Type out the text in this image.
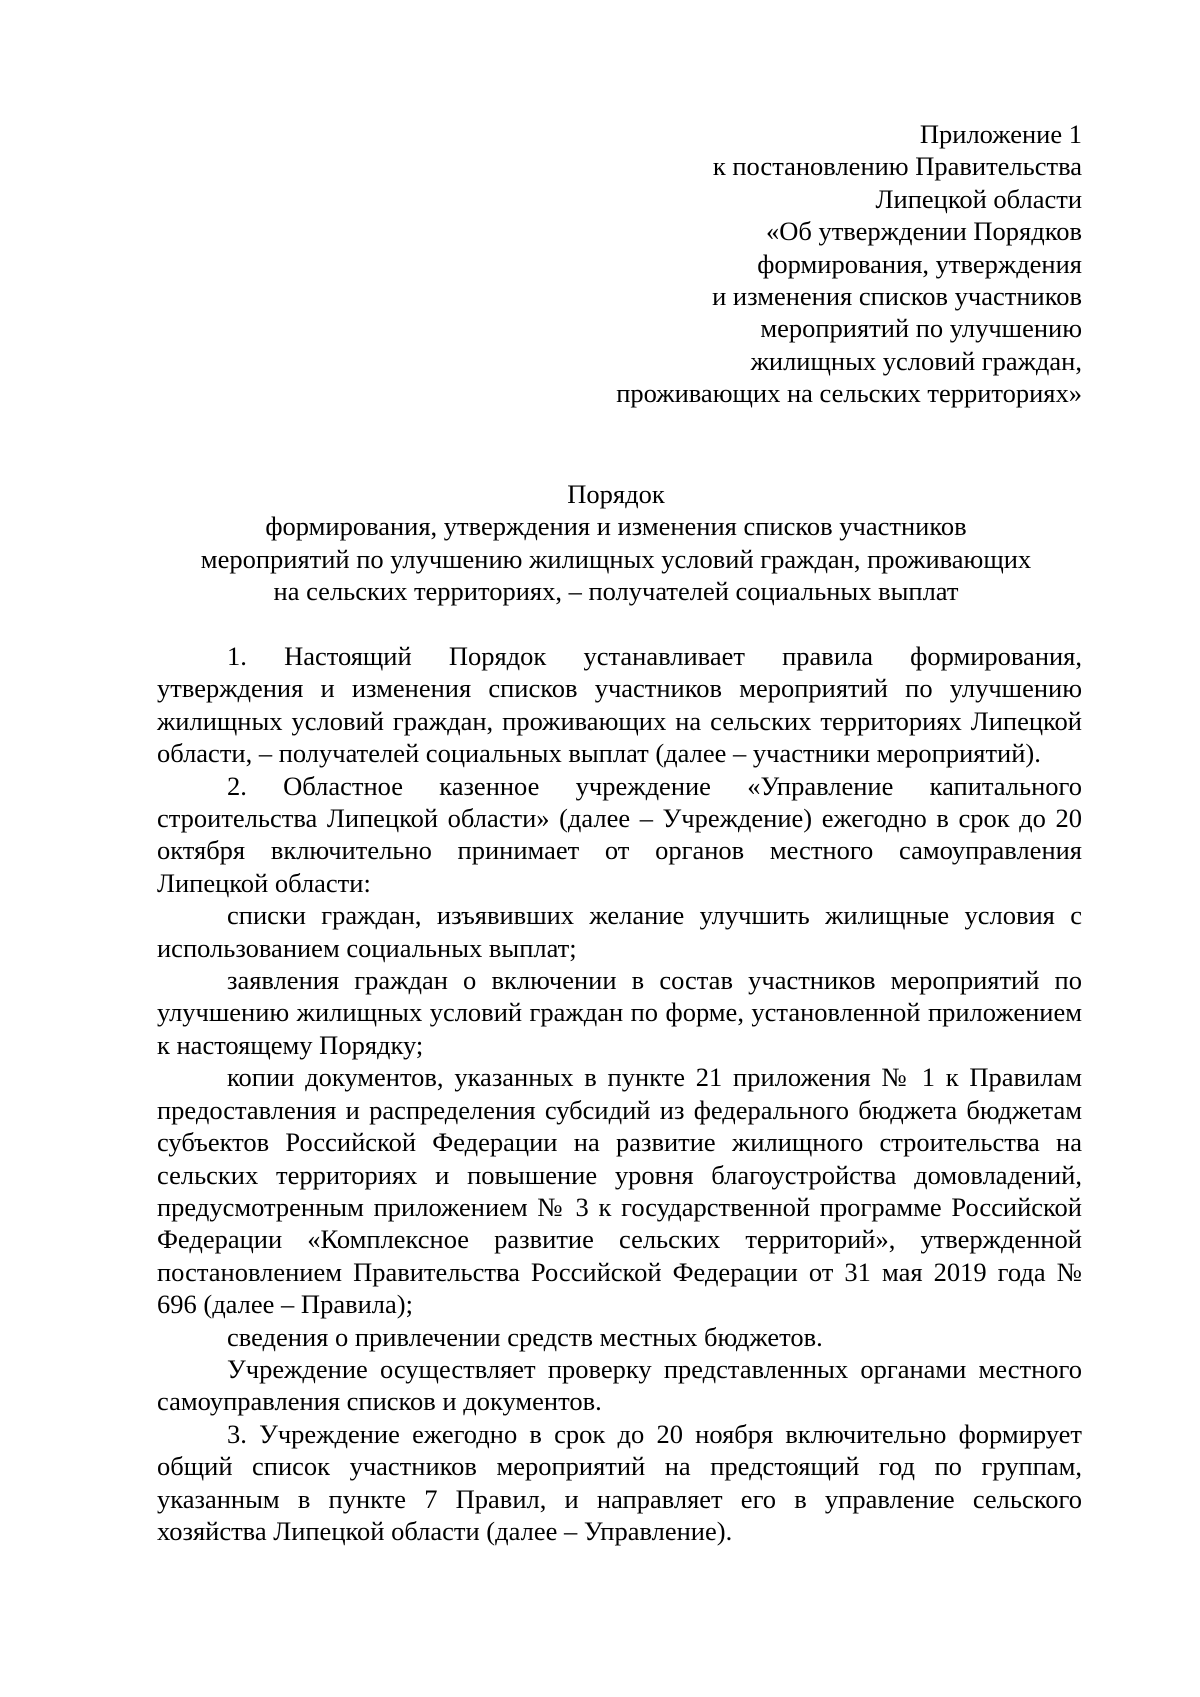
Приложение 1
к постановлению Правительства
Липецкой области
«Об утверждении Порядков
формирования, утверждения
и изменения списков участников
мероприятий по улучшению
жилищных условий граждан,
проживающих на сельских территориях»
Порядок
формирования, утверждения и изменения списков участников
мероприятий по улучшению жилищных условий граждан, проживающих
на сельских территориях, – получателей социальных выплат

1. Настоящий Порядок устанавливает правила формирования, утверждения и изменения списков участников мероприятий по улучшению жилищных условий граждан, проживающих на сельских территориях Липецкой области, – получателей социальных выплат (далее – участники мероприятий).

2. Областное казенное учреждение «Управление капитального строительства Липецкой области» (далее – Учреждение) ежегодно в срок до 20 октября включительно принимает от органов местного самоуправления Липецкой области:

списки граждан, изъявивших желание улучшить жилищные условия с использованием социальных выплат;

заявления граждан о включении в состав участников мероприятий по улучшению жилищных условий граждан по форме, установленной приложением к настоящему Порядку;

копии документов, указанных в пункте 21 приложения № 1 к Правилам предоставления и распределения субсидий из федерального бюджета бюджетам субъектов Российской Федерации на развитие жилищного строительства на сельских территориях и повышение уровня благоустройства домовладений, предусмотренным приложением № 3 к государственной программе Российской Федерации «Комплексное развитие сельских территорий», утвержденной постановлением Правительства Российской Федерации от 31 мая 2019 года № 696 (далее – Правила);

сведения о привлечении средств местных бюджетов.

Учреждение осуществляет проверку представленных органами местного самоуправления списков и документов.

3. Учреждение ежегодно в срок до 20 ноября включительно формирует общий список участников мероприятий на предстоящий год по группам, указанным в пункте 7 Правил, и направляет его в управление сельского хозяйства Липецкой области (далее – Управление).
